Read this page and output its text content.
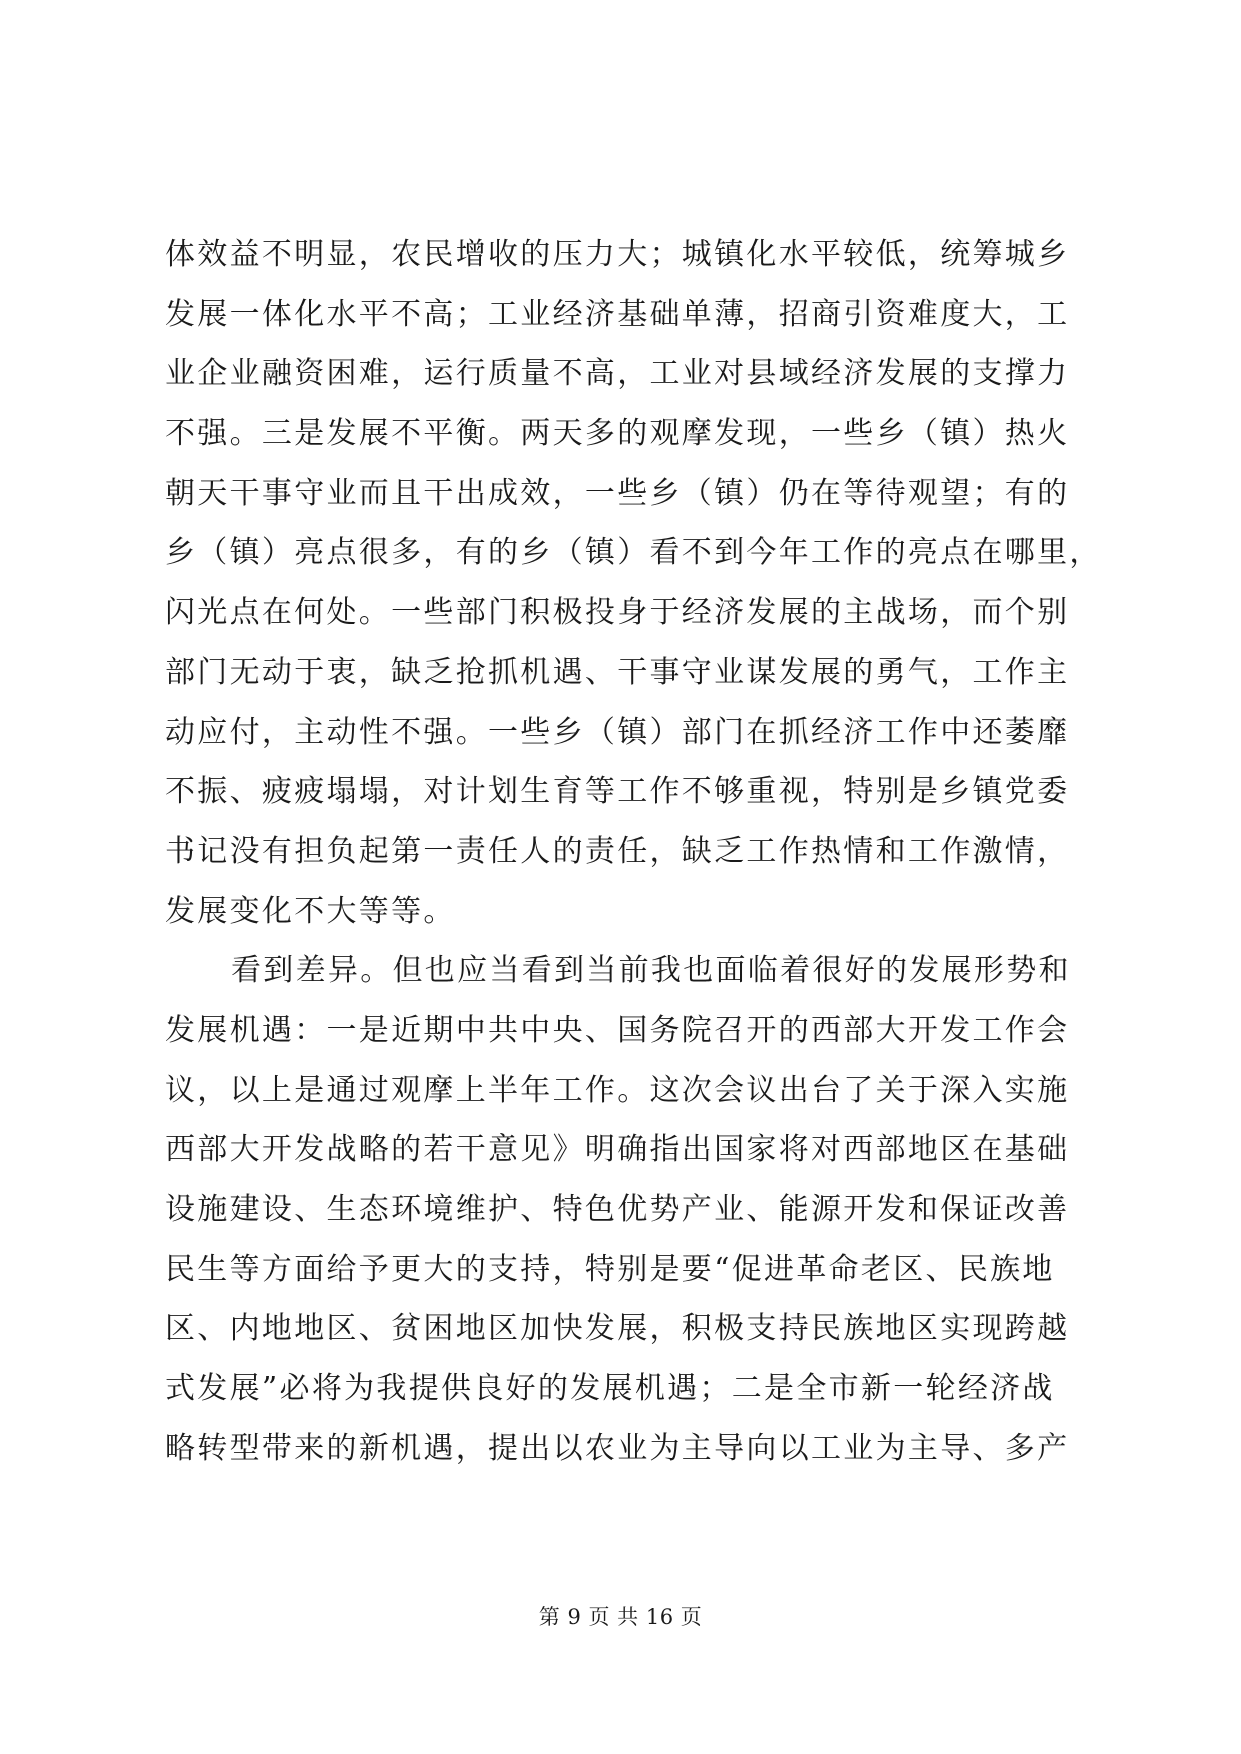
体效益不明显，农民增收的压力大；城镇化水平较低，统筹城乡
发展一体化水平不高；工业经济基础单薄，招商引资难度大，工
业企业融资困难，运行质量不高，工业对县域经济发展的支撑力
不强。三是发展不平衡。两天多的观摩发现，一些乡（镇）热火
朝天干事守业而且干出成效，一些乡（镇）仍在等待观望；有的
乡（镇）亮点很多，有的乡（镇）看不到今年工作的亮点在哪里，
闪光点在何处。一些部门积极投身于经济发展的主战场，而个别
部门无动于衷，缺乏抢抓机遇、干事守业谋发展的勇气，工作主
动应付，主动性不强。一些乡（镇）部门在抓经济工作中还萎靡
不振、疲疲塌塌，对计划生育等工作不够重视，特别是乡镇党委
书记没有担负起第一责任人的责任，缺乏工作热情和工作激情，
发展变化不大等等。
看到差异。但也应当看到当前我也面临着很好的发展形势和
发展机遇：一是近期中共中央、国务院召开的西部大开发工作会
议，以上是通过观摩上半年工作。这次会议出台了关于深入实施
西部大开发战略的若干意见》明确指出国家将对西部地区在基础
设施建设、生态环境维护、特色优势产业、能源开发和保证改善
民生等方面给予更大的支持，特别是要“促进革命老区、民族地
区、内地地区、贫困地区加快发展，积极支持民族地区实现跨越
式发展”必将为我提供良好的发展机遇；二是全市新一轮经济战
略转型带来的新机遇，提出以农业为主导向以工业为主导、多产
第 9 页 共 16 页
